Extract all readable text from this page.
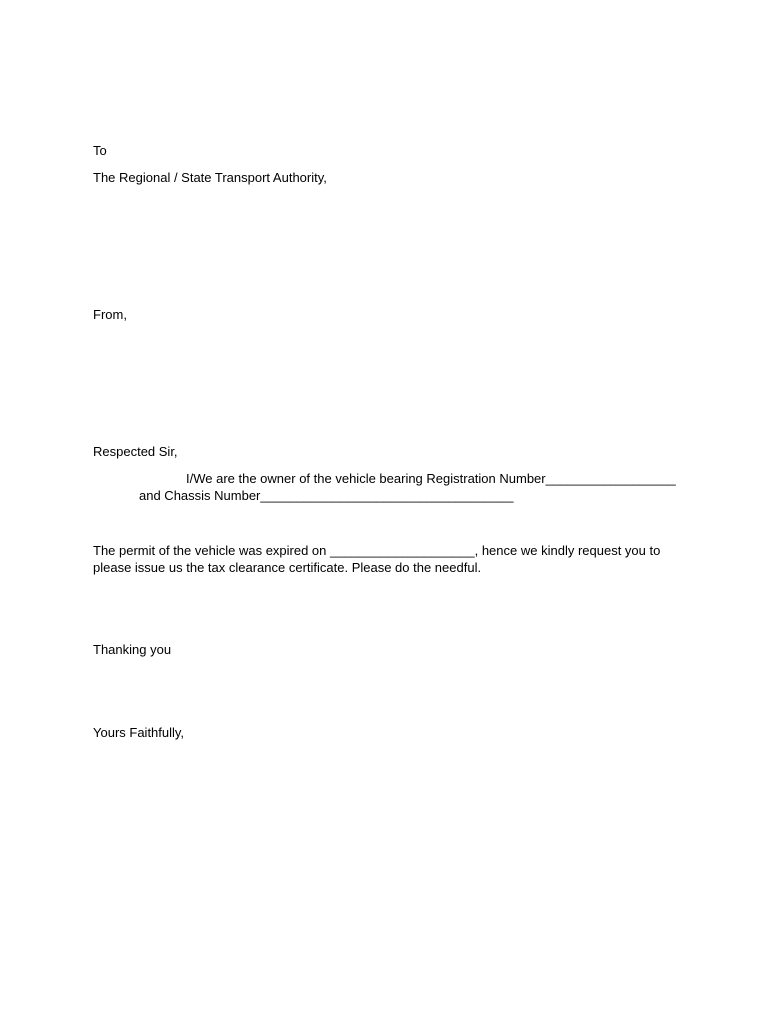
To
The Regional / State Transport Authority,
From,
Respected Sir,
I/We are the owner of the vehicle bearing Registration Number__________________
and Chassis Number___________________________________
The permit of the vehicle was expired on ____________________, hence we kindly request you to
please issue us the tax clearance certificate. Please do the needful.
Thanking you
Yours Faithfully,
